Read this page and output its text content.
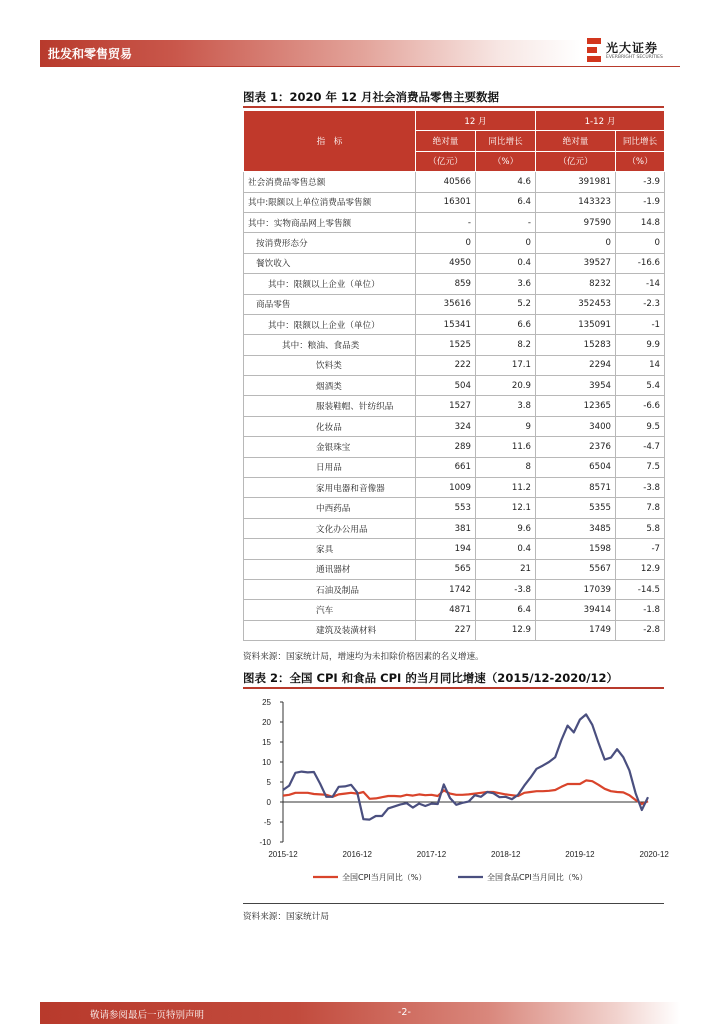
批发和零售贸易	光大证券
EVERBRIGHT SECURITIES
图表 1：2020 年 12 月社会消费品零售主要数据
指　标	12 月		1-12 月	
	绝对量	同比增长	绝对量	同比增长
	（亿元）	（%）	（亿元）	（%）
社会消费品零售总额	40566	4.6	391981	-3.9
其中:限额以上单位消费品零售额	16301	6.4	143323	-1.9
其中：实物商品网上零售额	-	-	97590	14.8
按消费形态分	0	0	0	0
餐饮收入	4950	0.4	39527	-16.6
其中：限额以上企业（单位）	859	3.6	8232	-14
商品零售	35616	5.2	352453	-2.3
其中：限额以上企业（单位）	15341	6.6	135091	-1
其中：粮油、食品类	1525	8.2	15283	9.9
饮料类	222	17.1	2294	14
烟酒类	504	20.9	3954	5.4
服装鞋帽、针纺织品	1527	3.8	12365	-6.6
化妆品	324	9	3400	9.5
金银珠宝	289	11.6	2376	-4.7
日用品	661	8	6504	7.5
家用电器和音像器	1009	11.2	8571	-3.8
中西药品	553	12.1	5355	7.8
文化办公用品	381	9.6	3485	5.8
家具	194	0.4	1598	-7
通讯器材	565	21	5567	12.9
石油及制品	1742	-3.8	17039	-14.5
汽车	4871	6.4	39414	-1.8
建筑及装潢材料	227	12.9	1749	-2.8
资料来源：国家统计局，增速均为未扣除价格因素的名义增速。
图表 2：全国 CPI 和食品 CPI 的当月同比增速（2015/12-2020/12）
25
20
15
10
5
0
-5
-10
2015-12	2016-12	2017-12	2018-12	2019-12	2020-12
全国CPI当月同比（%）	全国食品CPI当月同比（%）
资料来源：国家统计局
敬请参阅最后一页特别声明	-2-
